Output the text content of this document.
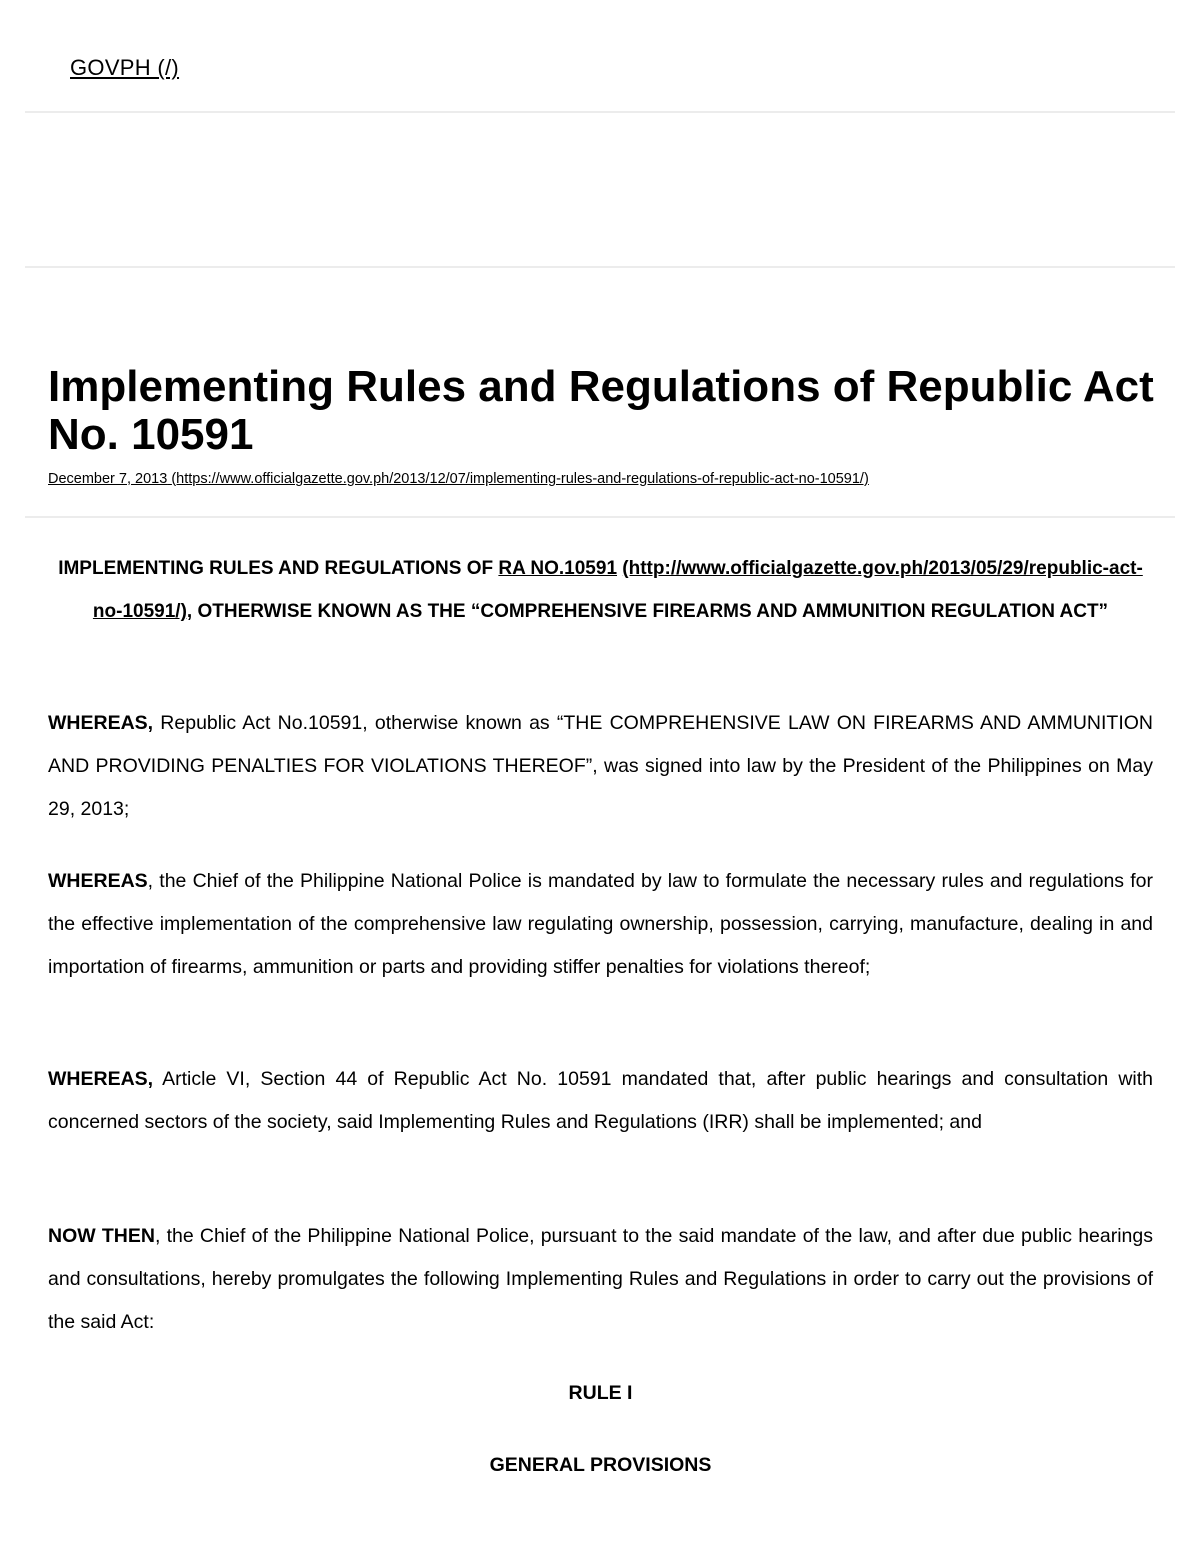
GOVPH (/)
Implementing Rules and Regulations of Republic Act No. 10591
December 7, 2013 (https://www.officialgazette.gov.ph/2013/12/07/implementing-rules-and-regulations-of-republic-act-no-10591/)

IMPLEMENTING RULES AND REGULATIONS OF RA NO.10591 (http://www.officialgazette.gov.ph/2013/05/29/republic-act-no-10591/), OTHERWISE KNOWN AS THE “COMPREHENSIVE FIREARMS AND AMMUNITION REGULATION ACT”

WHEREAS, Republic Act No.10591, otherwise known as “THE COMPREHENSIVE LAW ON FIREARMS AND AMMUNITION AND PROVIDING PENALTIES FOR VIOLATIONS THEREOF”, was signed into law by the President of the Philippines on May 29, 2013;

WHEREAS, the Chief of the Philippine National Police is mandated by law to formulate the necessary rules and regulations for the effective implementation of the comprehensive law regulating ownership, possession, carrying, manufacture, dealing in and importation of firearms, ammunition or parts and providing stiffer penalties for violations thereof;

WHEREAS, Article VI, Section 44 of Republic Act No. 10591 mandated that, after public hearings and consultation with concerned sectors of the society, said Implementing Rules and Regulations (IRR) shall be implemented; and

NOW THEN, the Chief of the Philippine National Police, pursuant to the said mandate of the law, and after due public hearings and consultations, hereby promulgates the following Implementing Rules and Regulations in order to carry out the provisions of the said Act:

RULE I
GENERAL PROVISIONS
